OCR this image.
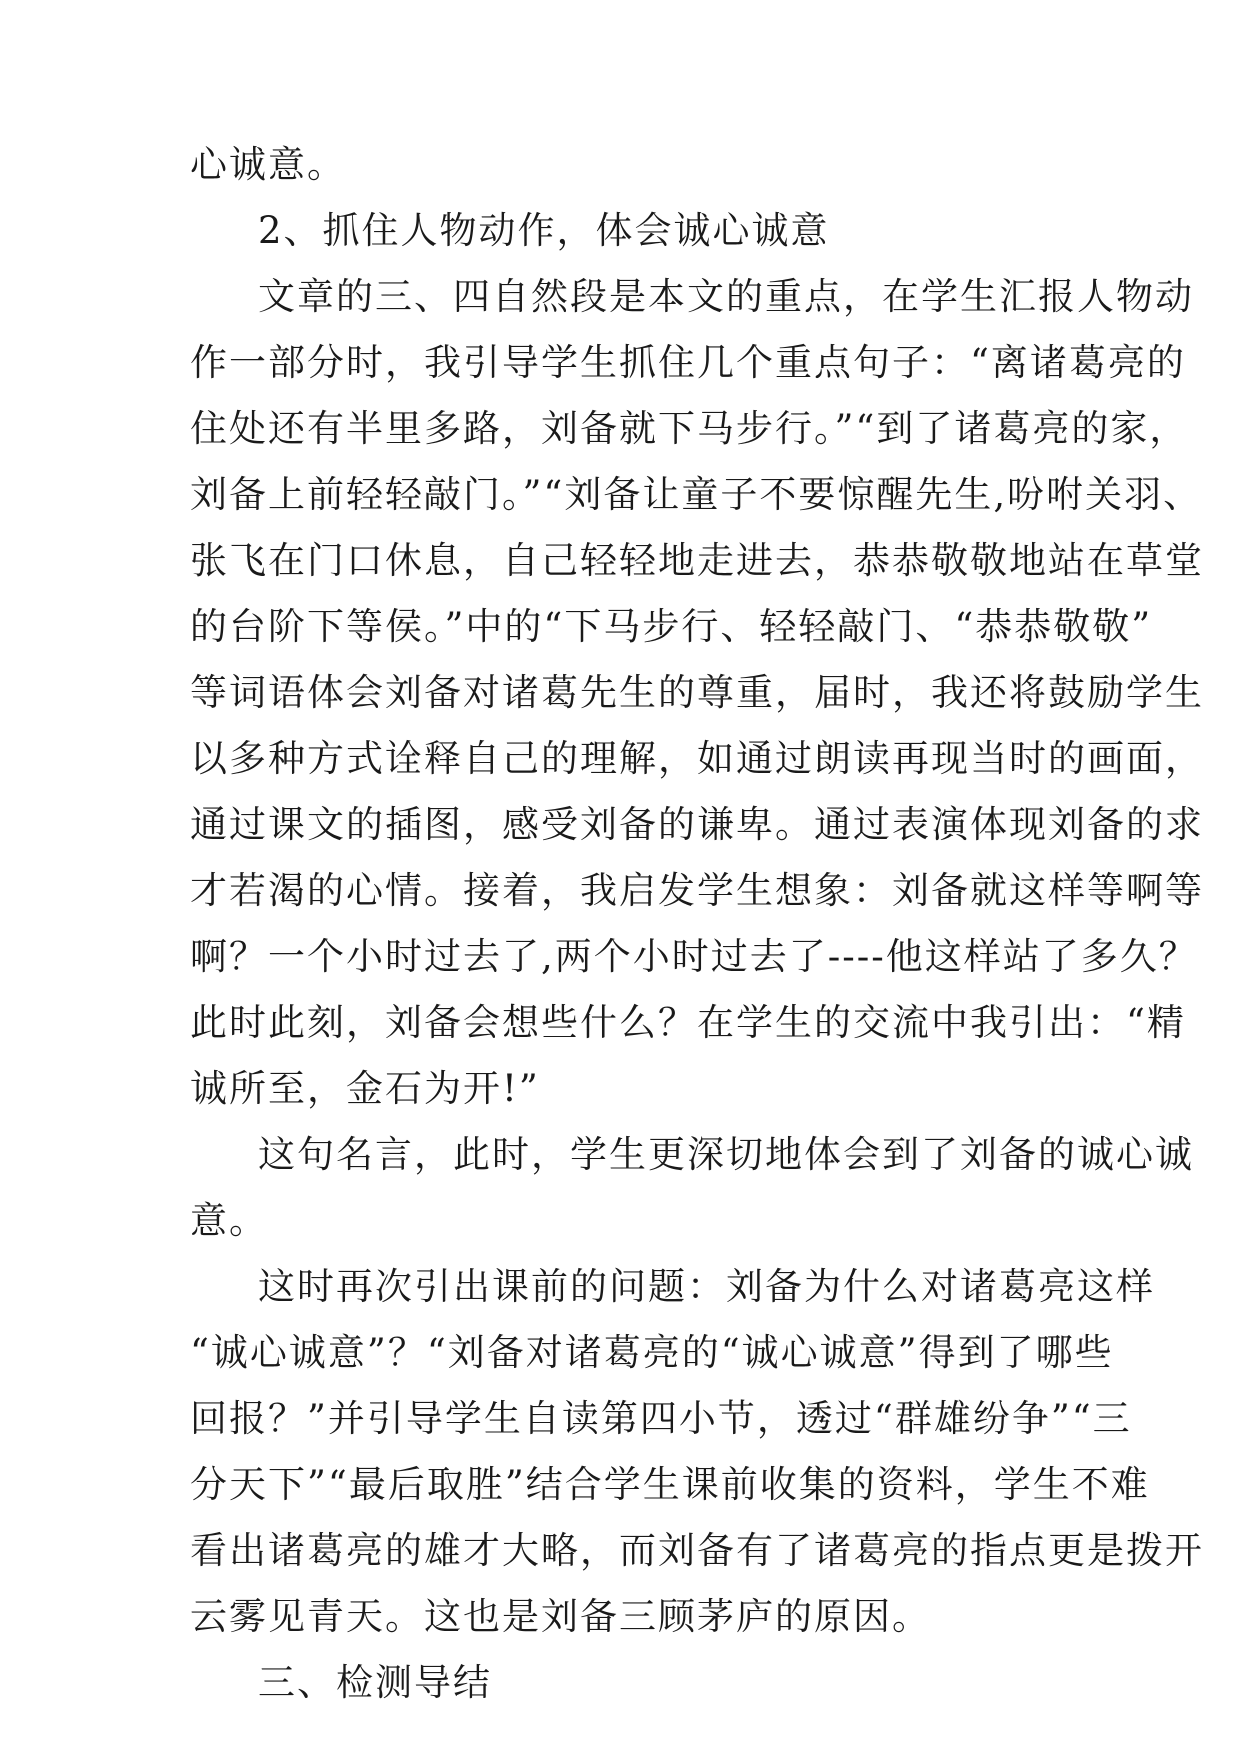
心诚意。
2、抓住人物动作，体会诚心诚意
文章的三、四自然段是本文的重点，在学生汇报人物动
作一部分时，我引导学生抓住几个重点句子：“离诸葛亮的
住处还有半里多路，刘备就下马步行。”“到了诸葛亮的家，
刘备上前轻轻敲门。”“刘备让童子不要惊醒先生,吩咐关羽、
张飞在门口休息，自己轻轻地走进去，恭恭敬敬地站在草堂
的台阶下等侯。”中的“下马步行、轻轻敲门、“恭恭敬敬”
等词语体会刘备对诸葛先生的尊重，届时，我还将鼓励学生
以多种方式诠释自己的理解，如通过朗读再现当时的画面，
通过课文的插图，感受刘备的谦卑。通过表演体现刘备的求
才若渴的心情。接着，我启发学生想象：刘备就这样等啊等
啊？一个小时过去了,两个小时过去了----他这样站了多久？
此时此刻，刘备会想些什么？在学生的交流中我引出：“精
诚所至，金石为开!”
这句名言，此时，学生更深切地体会到了刘备的诚心诚
意。
这时再次引出课前的问题：刘备为什么对诸葛亮这样
“诚心诚意”？“刘备对诸葛亮的“诚心诚意”得到了哪些
回报？”并引导学生自读第四小节，透过“群雄纷争”“三
分天下”“最后取胜”结合学生课前收集的资料，学生不难
看出诸葛亮的雄才大略，而刘备有了诸葛亮的指点更是拨开
云雾见青天。这也是刘备三顾茅庐的原因。
三、检测导结
